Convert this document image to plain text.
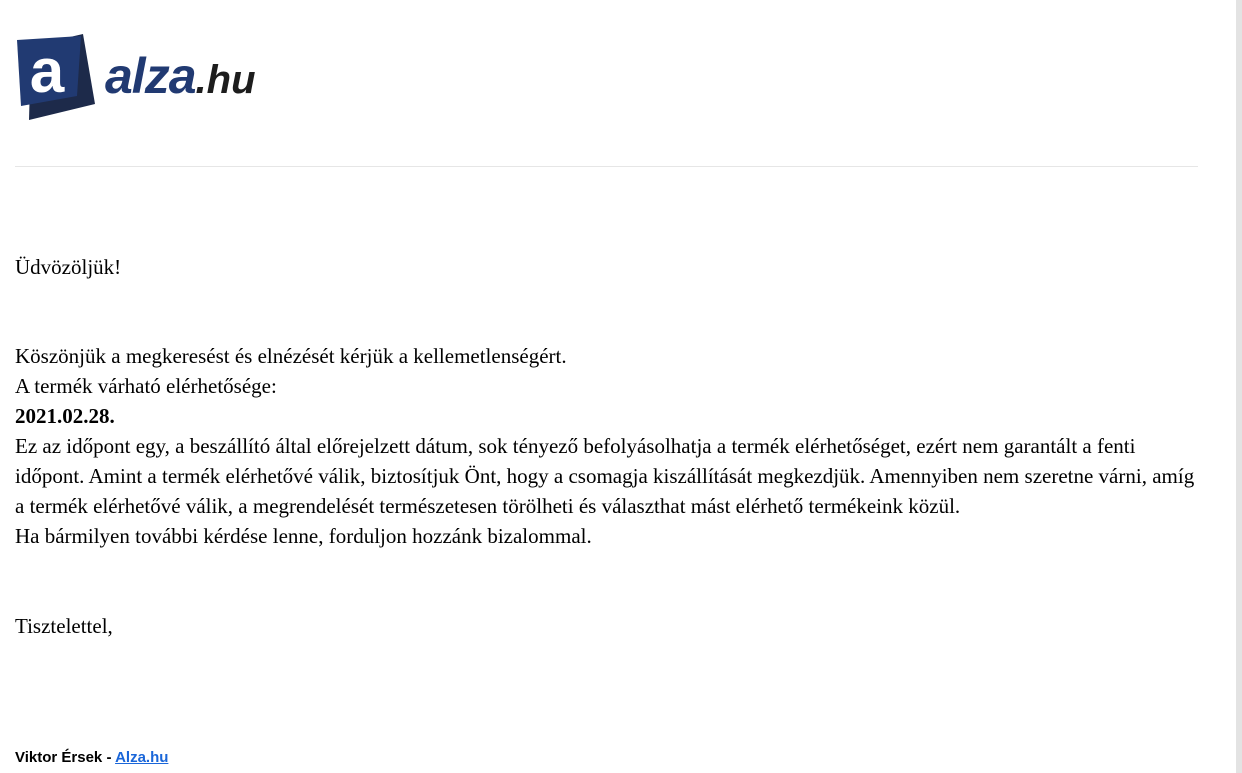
a alza.hu

Üdvözöljük!

Köszönjük a megkeresést és elnézését kérjük a kellemetlenségért.

A termék várható elérhetősége:

2021.02.28.

Ez az időpont egy, a beszállító által előrejelzett dátum, sok tényező befolyásolhatja a termék elérhetőséget, ezért nem garantált a fenti időpont. Amint a termék elérhetővé válik, biztosítjuk Önt, hogy a csomagja kiszállítását megkezdjük. Amennyiben nem szeretne várni, amíg a termék elérhetővé válik, a megrendelését természetesen törölheti és választhat mást elérhető termékeink közül.

Ha bármilyen további kérdése lenne, forduljon hozzánk bizalommal.

Tisztelettel,

Viktor Érsek - Alza.hu
